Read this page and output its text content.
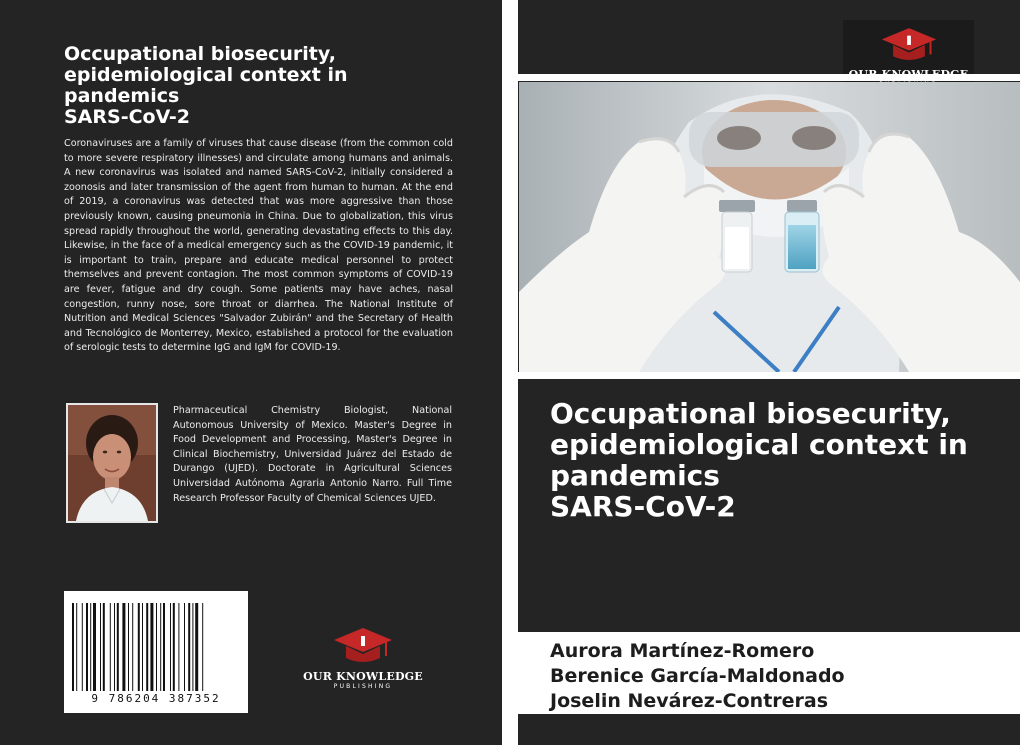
Occupational biosecurity,
epidemiological context in
pandemics
SARS-CoV-2

Coronaviruses are a family of viruses that cause disease (from the common cold to more severe respiratory illnesses) and circulate among humans and animals. A new coronavirus was isolated and named SARS-CoV-2, initially considered a zoonosis and later transmission of the agent from human to human. At the end of 2019, a coronavirus was detected that was more aggressive than those previously known, causing pneumonia in China. Due to globalization, this virus spread rapidly throughout the world, generating devastating effects to this day. Likewise, in the face of a medical emergency such as the COVID-19 pandemic, it is important to train, prepare and educate medical personnel to protect themselves and prevent contagion. The most common symptoms of COVID-19 are fever, fatigue and dry cough. Some patients may have aches, nasal congestion, runny nose, sore throat or diarrhea. The National Institute of Nutrition and Medical Sciences "Salvador Zubirán" and the Secretary of Health and Tecnológico de Monterrey, Mexico, established a protocol for the evaluation of serologic tests to determine IgG and IgM for COVID-19.

Pharmaceutical Chemistry Biologist, National Autonomous University of Mexico. Master's Degree in Food Development and Processing, Master's Degree in Clinical Biochemistry, Universidad Juárez del Estado de Durango (UJED). Doctorate in Agricultural Sciences Universidad Autónoma Agraria Antonio Narro. Full Time Research Professor Faculty of Chemical Sciences UJED.

9 786204 387352
OUR KNOWLEDGE
PUBLISHING
Occupational biosecurity,
epidemiological context in
pandemics
SARS-CoV-2
Aurora Martínez-Romero
Berenice García-Maldonado
Joselin Nevárez-Contreras
